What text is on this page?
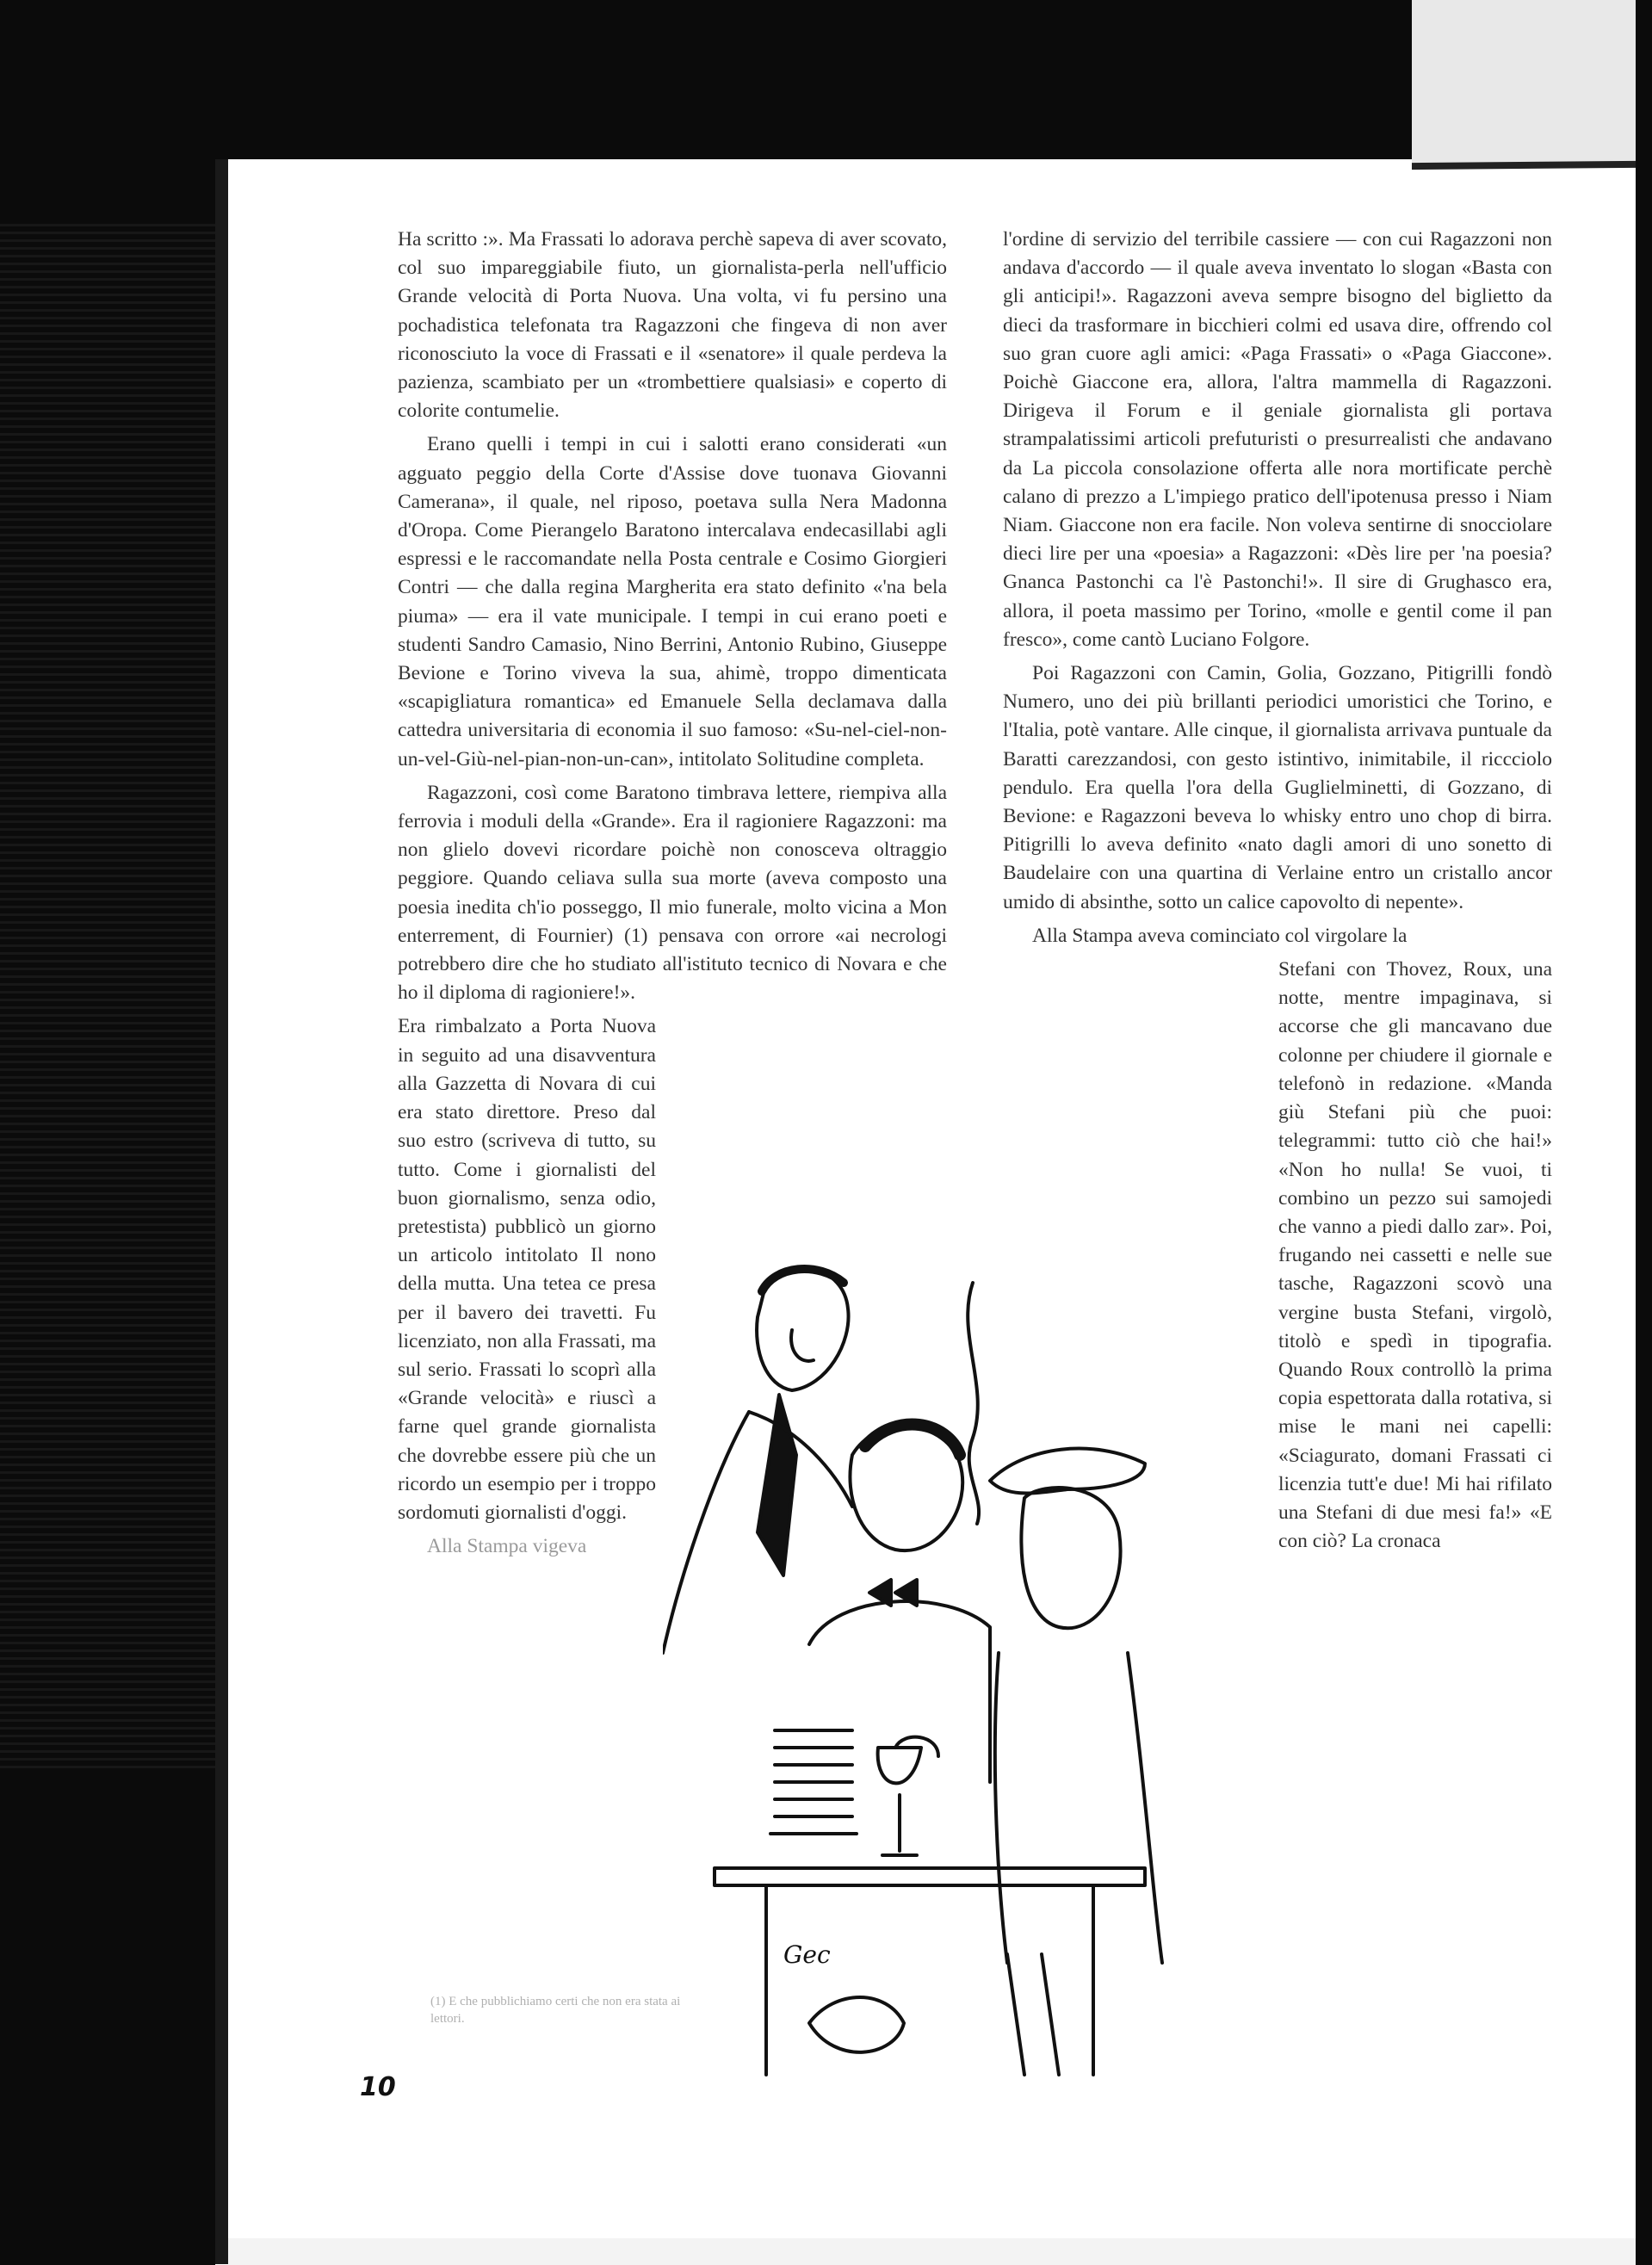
Ha scritto :». Ma Frassati lo adorava perchè sapeva di aver scovato, col suo impareggiabile fiuto, un giornalista-perla nell'ufficio Grande velocità di Porta Nuova. Una volta, vi fu persino una pochadistica telefonata tra Ragazzoni che fingeva di non aver riconosciuto la voce di Frassati e il «senatore» il quale perdeva la pazienza, scambiato per un «trombettiere qualsiasi» e coperto di colorite contumelie.

Erano quelli i tempi in cui i salotti erano considerati «un agguato peggio della Corte d'Assise dove tuonava Giovanni Camerana», il quale, nel riposo, poetava sulla Nera Madonna d'Oropa. Come Pierangelo Baratono intercalava endecasillabi agli espressi e le raccomandate nella Posta centrale e Cosimo Giorgieri Contri — che dalla regina Margherita era stato definito «'na bela piuma» — era il vate municipale. I tempi in cui erano poeti e studenti Sandro Camasio, Nino Berrini, Antonio Rubino, Giuseppe Bevione e Torino viveva la sua, ahimè, troppo dimenticata «scapigliatura romantica» ed Emanuele Sella declamava dalla cattedra universitaria di economia il suo famoso: «Su-nel-ciel-non-un-vel-Giù-nel-pian-non-un-can», intitolato Solitudine completa.

Ragazzoni, così come Baratono timbrava lettere, riempiva alla ferrovia i moduli della «Grande». Era il ragioniere Ragazzoni: ma non glielo dovevi ricordare poichè non conosceva oltraggio peggiore. Quando celiava sulla sua morte (aveva composto una poesia inedita ch'io posseggo, Il mio funerale, molto vicina a Mon enterrement, di Fournier) (1) pensava con orrore «ai necrologi potrebbero dire che ho studiato all'istituto tecnico di Novara e che ho il diploma di ragioniere!».

Era rimbalzato a Porta Nuova in seguito ad una disavventura alla Gazzetta di Novara di cui era stato direttore. Preso dal suo estro (scriveva di tutto, su tutto. Come i giornalisti del buon giornalismo, senza odio, pretestista) pubblicò un giorno un articolo intitolato Il nono della mutta. Una tetea ce presa per il bavero dei travetti. Fu licenziato, non alla Frassati, ma sul serio. Frassati lo scoprì alla «Grande velocità» e riuscì a farne quel grande giornalista che dovrebbe essere più che un ricordo un esempio per i troppo sordomuti giornalisti d'oggi.

Alla Stampa vigeva

l'ordine di servizio del terribile cassiere — con cui Ragazzoni non andava d'accordo — il quale aveva inventato lo slogan «Basta con gli anticipi!». Ragazzoni aveva sempre bisogno del biglietto da dieci da trasformare in bicchieri colmi ed usava dire, offrendo col suo gran cuore agli amici: «Paga Frassati» o «Paga Giaccone». Poichè Giaccone era, allora, l'altra mammella di Ragazzoni. Dirigeva il Forum e il geniale giornalista gli portava strampalatissimi articoli prefuturisti o presurrealisti che andavano da La piccola consolazione offerta alle nora mortificate perchè calano di prezzo a L'impiego pratico dell'ipotenusa presso i Niam Niam. Giaccone non era facile. Non voleva sentirne di snocciolare dieci lire per una «poesia» a Ragazzoni: «Dès lire per 'na poesia? Gnanca Pastonchi ca l'è Pastonchi!». Il sire di Grughasco era, allora, il poeta massimo per Torino, «molle e gentil come il pan fresco», come cantò Luciano Folgore.

Poi Ragazzoni con Camin, Golia, Gozzano, Pitigrilli fondò Numero, uno dei più brillanti periodici umoristici che Torino, e l'Italia, potè vantare. Alle cinque, il giornalista arrivava puntuale da Baratti carezzandosi, con gesto istintivo, inimitabile, il riccciolo pendulo. Era quella l'ora della Guglielminetti, di Gozzano, di Bevione: e Ragazzoni beveva lo whisky entro uno chop di birra. Pitigrilli lo aveva definito «nato dagli amori di uno sonetto di Baudelaire con una quartina di Verlaine entro un cristallo ancor umido di absinthe, sotto un calice capovolto di nepente».

Alla Stampa aveva cominciato col virgolare la

Stefani con Thovez, Roux, una notte, mentre impaginava, si accorse che gli mancavano due colonne per chiudere il giornale e telefonò in redazione. «Manda giù Stefani più che puoi: telegrammi: tutto ciò che hai!» «Non ho nulla! Se vuoi, ti combino un pezzo sui samojedi che vanno a piedi dallo zar». Poi, frugando nei cassetti e nelle sue tasche, Ragazzoni scovò una vergine busta Stefani, virgolò, titolò e spedì in tipografia. Quando Roux controllò la prima copia espettorata dalla rotativa, si mise le mani nei capelli: «Sciagurato, domani Frassati ci licenzia tutt'e due! Mi hai rifilato una Stefani di due mesi fa!» «E con ciò? La cronaca

(1) E che pubblichiamo certi che non era stata ai lettori.
10
Gec
